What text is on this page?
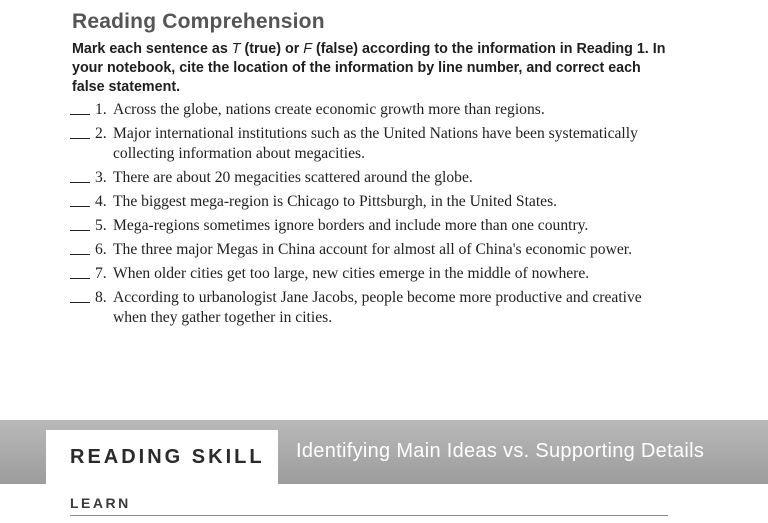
Reading Comprehension
Mark each sentence as T (true) or F (false) according to the information in Reading 1. In your notebook, cite the location of the information by line number, and correct each false statement.
1. Across the globe, nations create economic growth more than regions.
2. Major international institutions such as the United Nations have been systematically collecting information about megacities.
3. There are about 20 megacities scattered around the globe.
4. The biggest mega-region is Chicago to Pittsburgh, in the United States.
5. Mega-regions sometimes ignore borders and include more than one country.
6. The three major Megas in China account for almost all of China's economic power.
7. When older cities get too large, new cities emerge in the middle of nowhere.
8. According to urbanologist Jane Jacobs, people become more productive and creative when they gather together in cities.
READING SKILL Identifying Main Ideas vs. Supporting Details
LEARN
